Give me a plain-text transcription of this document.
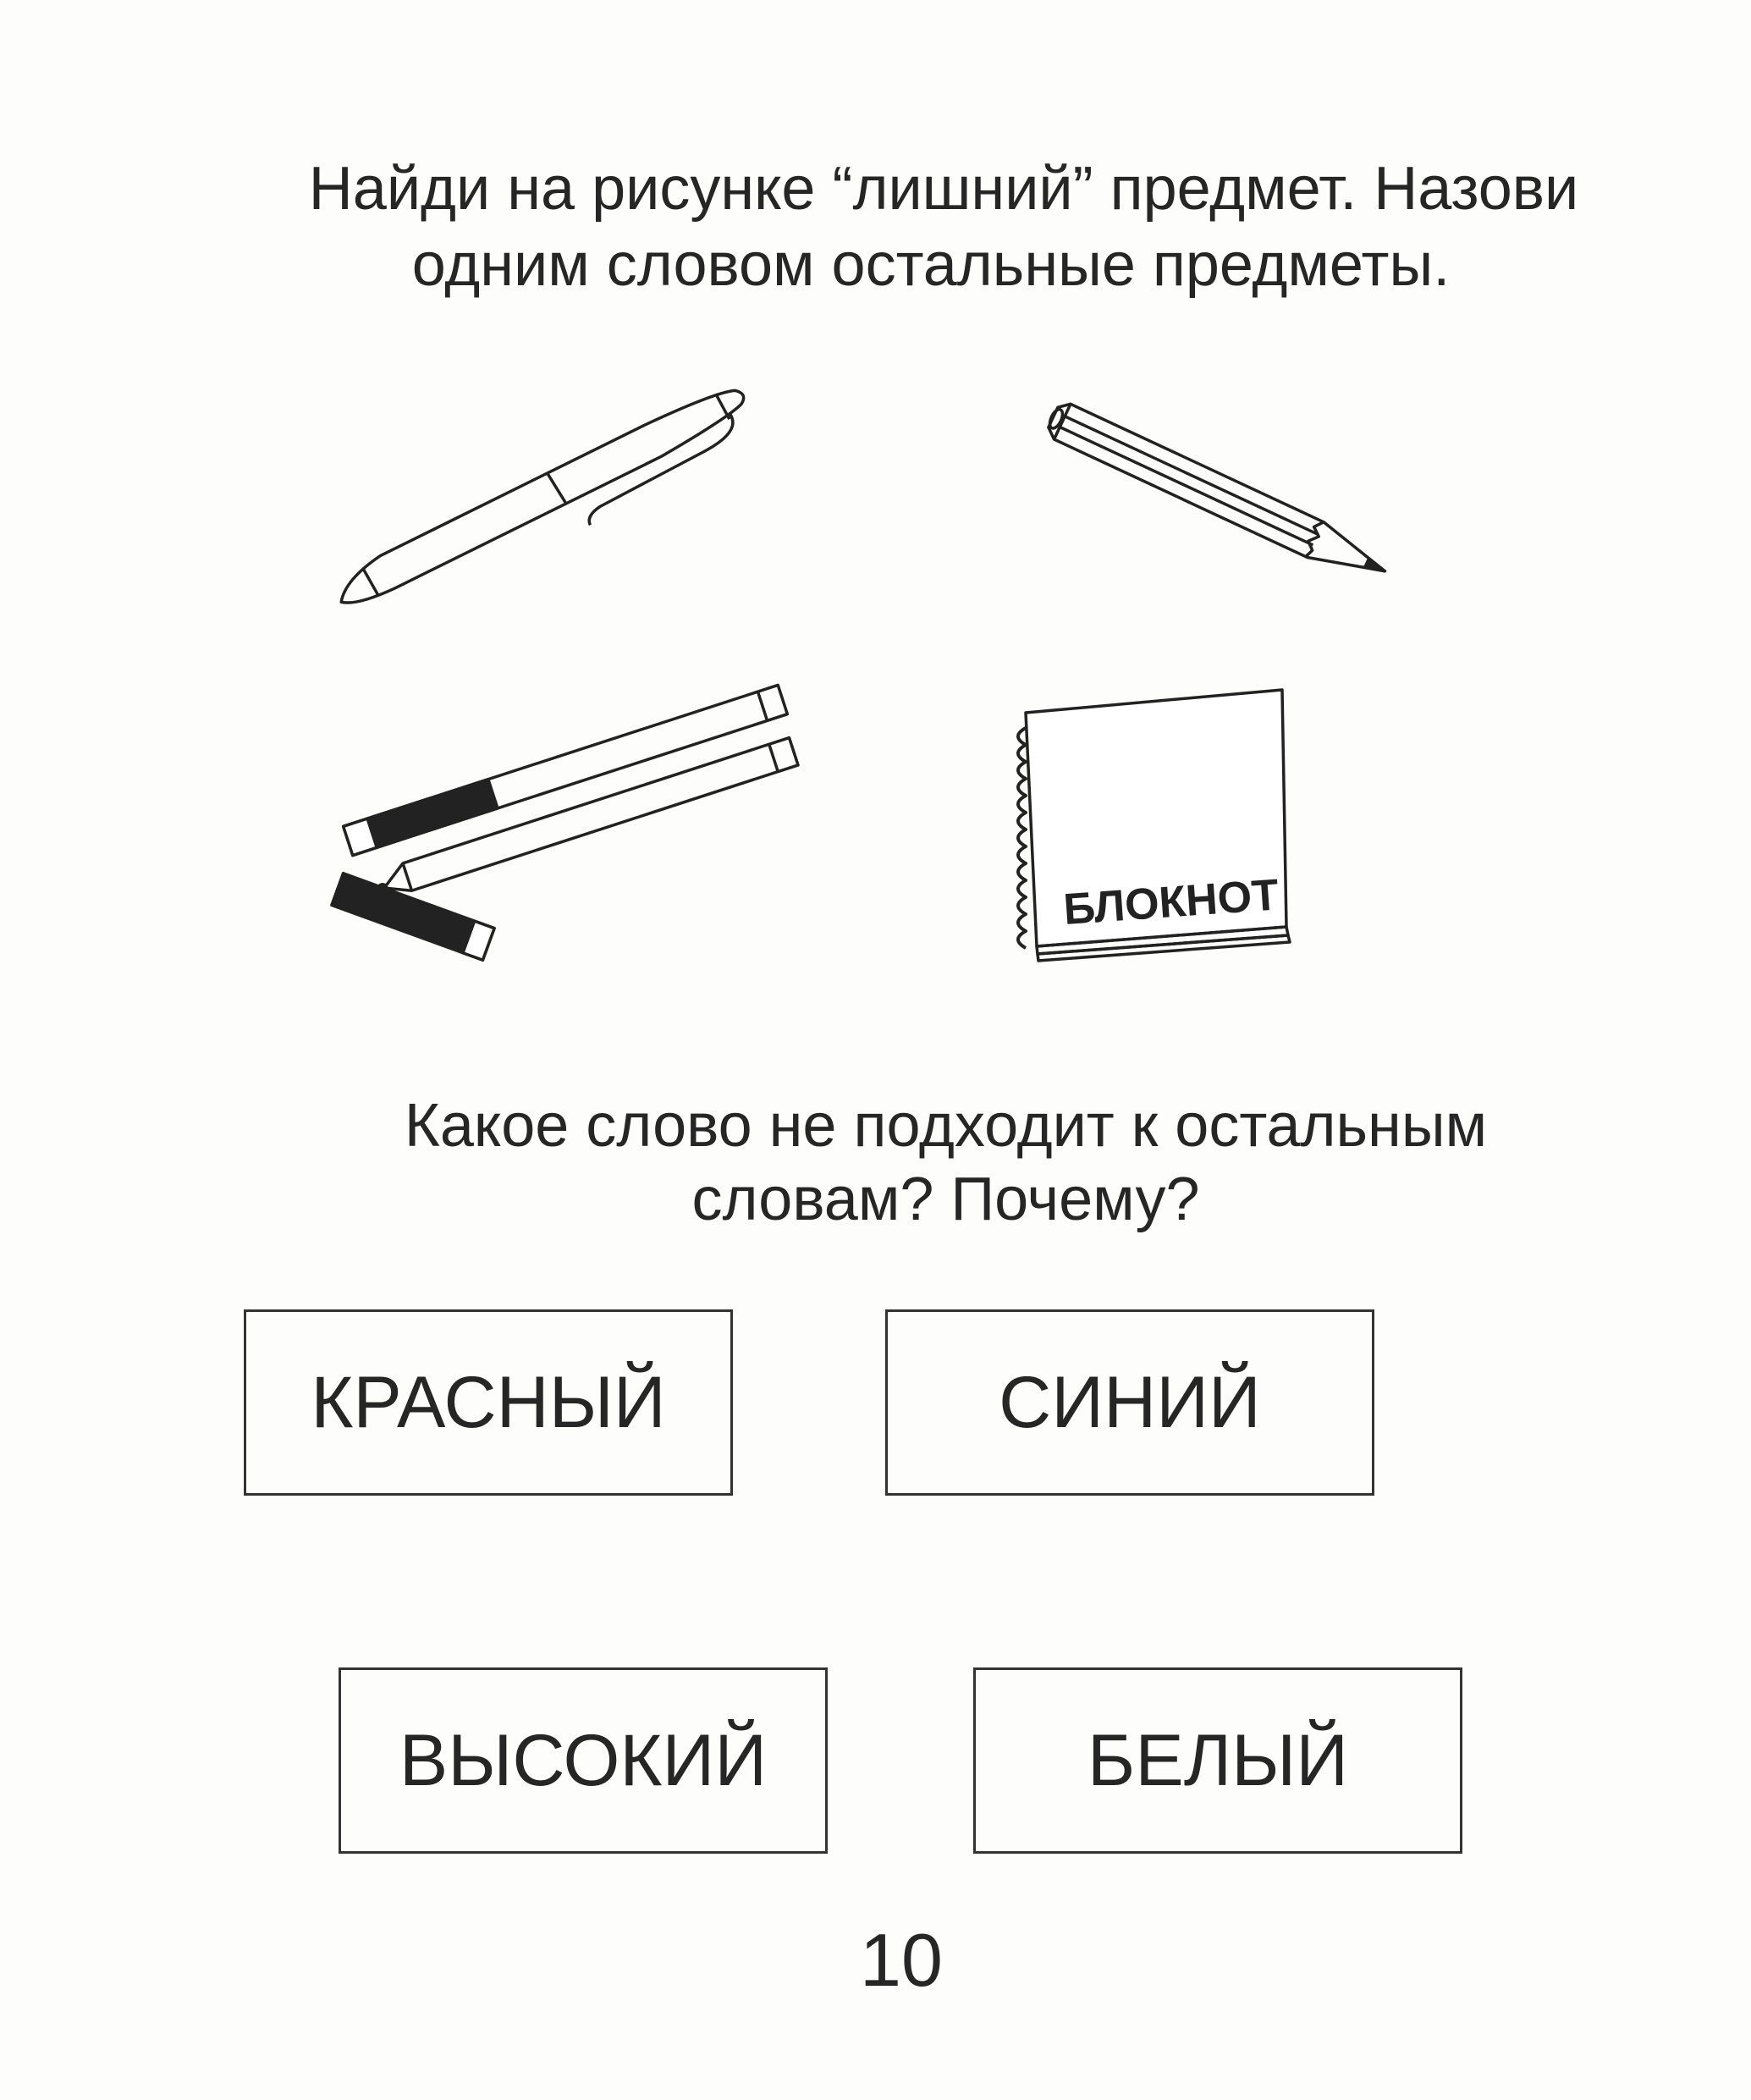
Найди на рисунке “лишний” предмет. Назови
одним словом остальные предметы.
БЛОКНОТ
Какое слово не подходит к остальным
словам? Почему?
КРАСНЫЙ	СИНИЙ
ВЫСОКИЙ	БЕЛЫЙ
10
